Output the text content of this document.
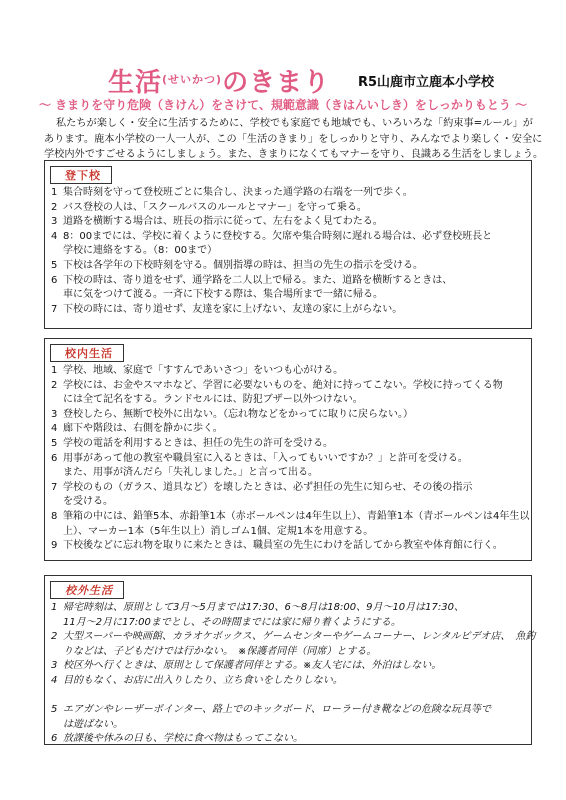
生活$^{(せいかつ)}$のきまり R5山鹿市立鹿本小学校
～ きまりを守り危険（きけん）をさけて、規範意識（きはんいしき）をしっかりもとう ～

私たちが楽しく・安全に生活するために、学校でも家庭でも地域でも、いろいろな「約束事=ルール」が

あります。鹿本小学校の一人一人が、この「生活のきまり」をしっかりと守り、みんなでより楽しく・安全に

学校内外ですごせるようにしましょう。また、きまりになくてもマナーを守り、良識ある生活をしましょう。

登下校
1 集合時刻を守って登校班ごとに集合し、決まった通学路の右端を一列で歩く。
2 バス登校の人は、「スクールバスのルールとマナー」を守って乗る。
3 道路を横断する場合は、班長の指示に従って、左右をよく見てわたる。
4 8：00までには、学校に着くように登校する。欠席や集合時刻に遅れる場合は、必ず登校班長と
学校に連絡をする。（8：00まで）
5 下校は各学年の下校時刻を守る。個別指導の時は、担当の先生の指示を受ける。
6 下校の時は、寄り道をせず、通学路を二人以上で帰る。また、道路を横断するときは、
車に気をつけて渡る。一斉に下校する際は、集合場所まで一緒に帰る。
7 下校の時には、寄り道せず、友達を家に上げない、友達の家に上がらない。
校内生活
1 学校、地域、家庭で「すすんであいさつ」をいつも心がける。
2 学校には、お金やスマホなど、学習に必要ないものを、絶対に持ってこない。学校に持ってくる物
には全て記名をする。ランドセルには、防犯ブザー以外つけない。
3 登校したら、無断で校外に出ない。（忘れ物などをかってに取りに戻らない。）
4 廊下や階段は、右側を静かに歩く。
5 学校の電話を利用するときは、担任の先生の許可を受ける。
6 用事があって他の教室や職員室に入るときは、「入ってもいいですか？」と許可を受ける。
また、用事が済んだら「失礼しました。」と言って出る。
7 学校のもの（ガラス、道具など）を壊したときは、必ず担任の先生に知らせ、その後の指示
を受ける。
8 筆箱の中には、鉛筆5本、赤鉛筆1本（赤ボールペンは4年生以上）、青鉛筆1本（青ボールペンは4年生以
上）、マーカー1本（5年生以上）消しゴム1個、定規1本を用意する。
9 下校後などに忘れ物を取りに来たときは、職員室の先生にわけを話してから教室や体育館に行く。
校外生活
1 帰宅時刻は、原則として3月～5月までは17:30、6～8月は18:00、9月～10月は17:30、
11月～2月に17:00までとし、その時間までには家に帰り着くようにする。
2 大型スーパーや映画館、カラオケボックス、ゲームセンターやゲームコーナー、レンタルビデオ店、　魚釣
りなどは、子どもだけでは行かない。　※保護者同伴（同席）とする。
3 校区外へ行くときは、原則として保護者同伴とする。※友人宅には、外泊はしない。
4 目的もなく、お店に出入りしたり、立ち食いをしたりしない。

5 エアガンやレーザーポインター、路上でのキックボード、ローラー付き靴などの危険な玩具等で
は遊ばない。
6 放課後や休みの日も、学校に食べ物はもってこない。
